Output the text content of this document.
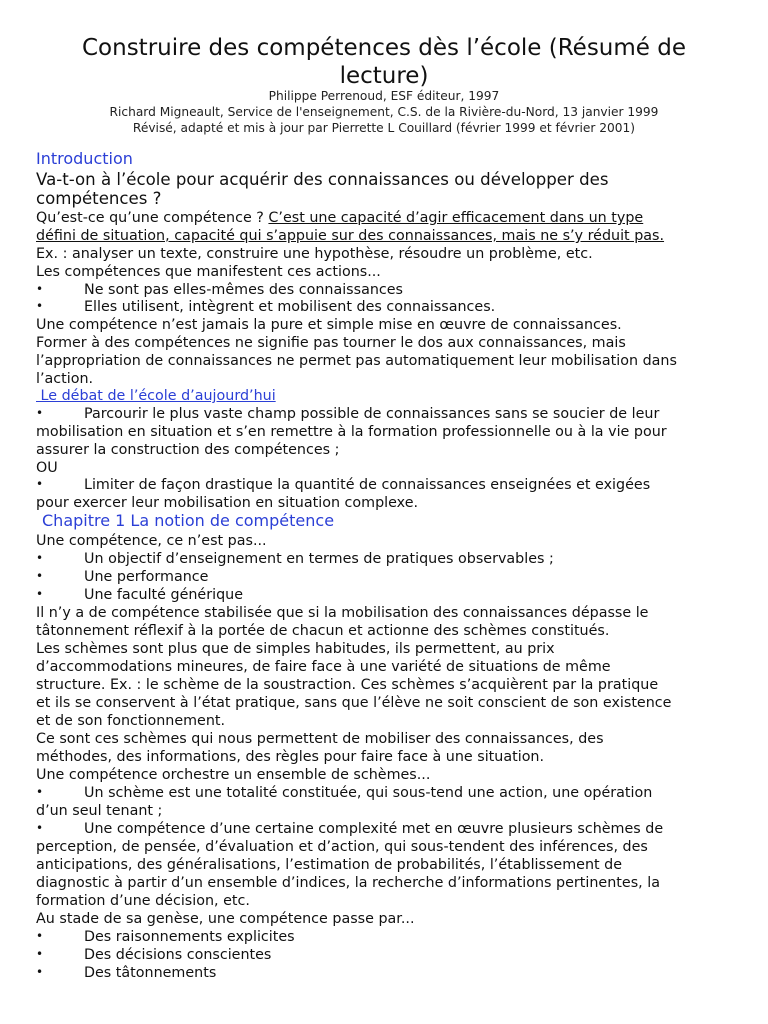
Construire des compétences dès l’école (Résumé de
lecture)
Philippe Perrenoud, ESF éditeur, 1997
Richard Migneault, Service de l'enseignement, C.S. de la Rivière-du-Nord, 13 janvier 1999
Révisé, adapté et mis à jour par Pierrette L Couillard (février 1999 et février 2001)
Introduction
Va-t-on à l’école pour acquérir des connaissances ou développer des
compétences ?
Qu’est-ce qu’une compétence ? C’est une capacité d’agir efficacement dans un type
défini de situation, capacité qui s’appuie sur des connaissances, mais ne s’y réduit pas.
Ex. : analyser un texte, construire une hypothèse, résoudre un problème, etc.
Les compétences que manifestent ces actions...
•	Ne sont pas elles-mêmes des connaissances
•	Elles utilisent, intègrent et mobilisent des connaissances.
Une compétence n’est jamais la pure et simple mise en œuvre de connaissances.
Former à des compétences ne signifie pas tourner le dos aux connaissances, mais
l’appropriation de connaissances ne permet pas automatiquement leur mobilisation dans
l’action.
Le débat de l’école d’aujourd’hui
•	Parcourir le plus vaste champ possible de connaissances sans se soucier de leur
mobilisation en situation et s’en remettre à la formation professionnelle ou à la vie pour
assurer la construction des compétences ;
OU
•	Limiter de façon drastique la quantité de connaissances enseignées et exigées
pour exercer leur mobilisation en situation complexe.
Chapitre 1 La notion de compétence
Une compétence, ce n’est pas...
•	Un objectif d’enseignement en termes de pratiques observables ;
•	Une performance
•	Une faculté générique
Il n’y a de compétence stabilisée que si la mobilisation des connaissances dépasse le
tâtonnement réflexif à la portée de chacun et actionne des schèmes constitués.
Les schèmes sont plus que de simples habitudes, ils permettent, au prix
d’accommodations mineures, de faire face à une variété de situations de même
structure. Ex. : le schème de la soustraction. Ces schèmes s’acquièrent par la pratique
et ils se conservent à l’état pratique, sans que l’élève ne soit conscient de son existence
et de son fonctionnement.
Ce sont ces schèmes qui nous permettent de mobiliser des connaissances, des
méthodes, des informations, des règles pour faire face à une situation.
Une compétence orchestre un ensemble de schèmes...
•	Un schème est une totalité constituée, qui sous-tend une action, une opération
d’un seul tenant ;
•	Une compétence d’une certaine complexité met en œuvre plusieurs schèmes de
perception, de pensée, d’évaluation et d’action, qui sous-tendent des inférences, des
anticipations, des généralisations, l’estimation de probabilités, l’établissement de
diagnostic à partir d’un ensemble d’indices, la recherche d’informations pertinentes, la
formation d’une décision, etc.
Au stade de sa genèse, une compétence passe par...
•	Des raisonnements explicites
•	Des décisions conscientes
•	Des tâtonnements
